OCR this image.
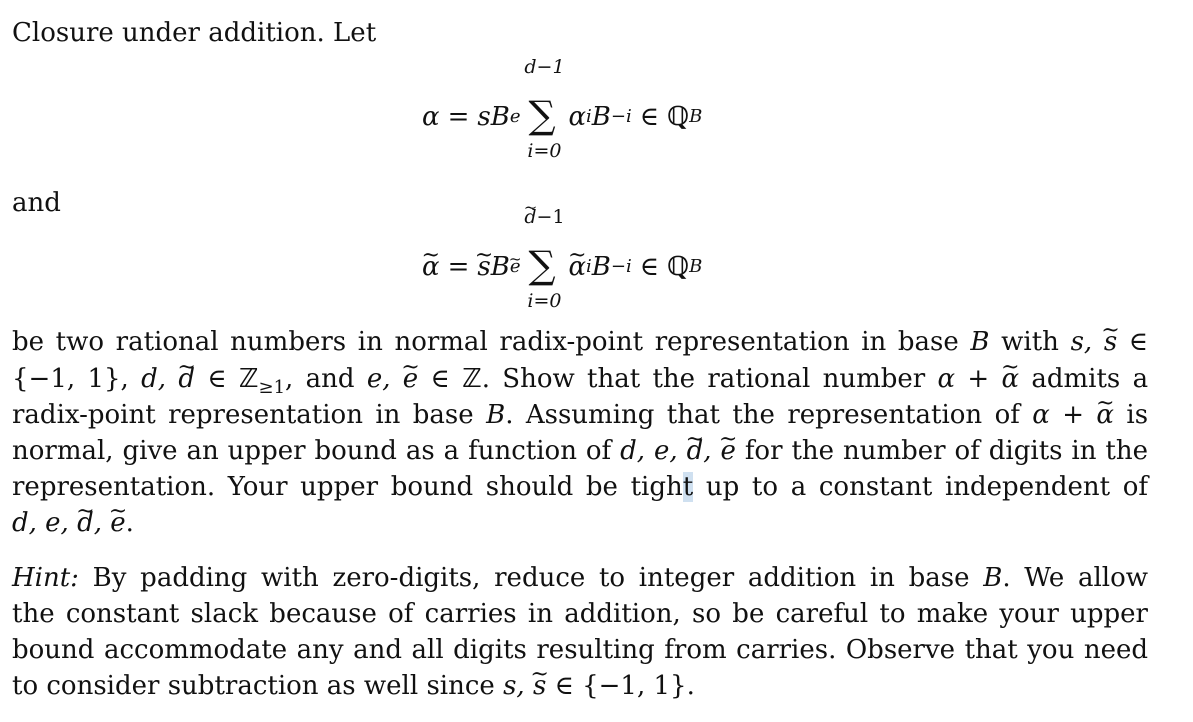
Closure under addition. Let
α = sB e
d−1
∑
i=0
α i B −i ∈ ℚ B
and
α ~ = s ~ B e
d ~−1
∑
i=0
α ~ i B −i ∈ ℚ B
be two rational numbers in normal radix-point representation in base B with s, s ~ ∈
{−1, 1}, d, d ~ ∈ ℤ$_{\ge 1}$, and e, e ~ ∈ ℤ. Show that the rational number α + α ~ admits a
radix-point representation in base B. Assuming that the representation of α + α ~ is
normal, give an upper bound as a function of d, e, d ~, e ~ for the number of digits in the
representation. Your upper bound should be tight up to a constant independent of
d, e, d ~, e ~.
Hint: By padding with zero-digits, reduce to integer addition in base B. We allow
the constant slack because of carries in addition, so be careful to make your upper
bound accommodate any and all digits resulting from carries. Observe that you need
to consider subtraction as well since s, s ~ ∈ {−1, 1}.
